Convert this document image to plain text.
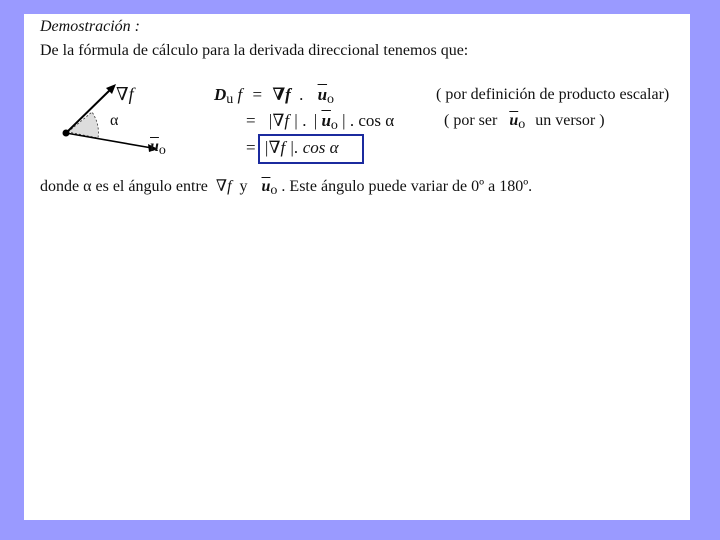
Demostración :
De la fórmula de cálculo para la derivada direccional tenemos que:
∇f
α
$\overline{u}o$
Du f = ∇f . $\overline{u}o$	( por definición de producto escalar)
= |∇f | . | $\overline{u}o$ | . cos α	( por ser $\overline{u}o$ un versor )
= |∇f |. cos α
donde α es el ángulo entre ∇f y $\overline{u}o$ . Este ángulo puede variar de 0º a 180º.
